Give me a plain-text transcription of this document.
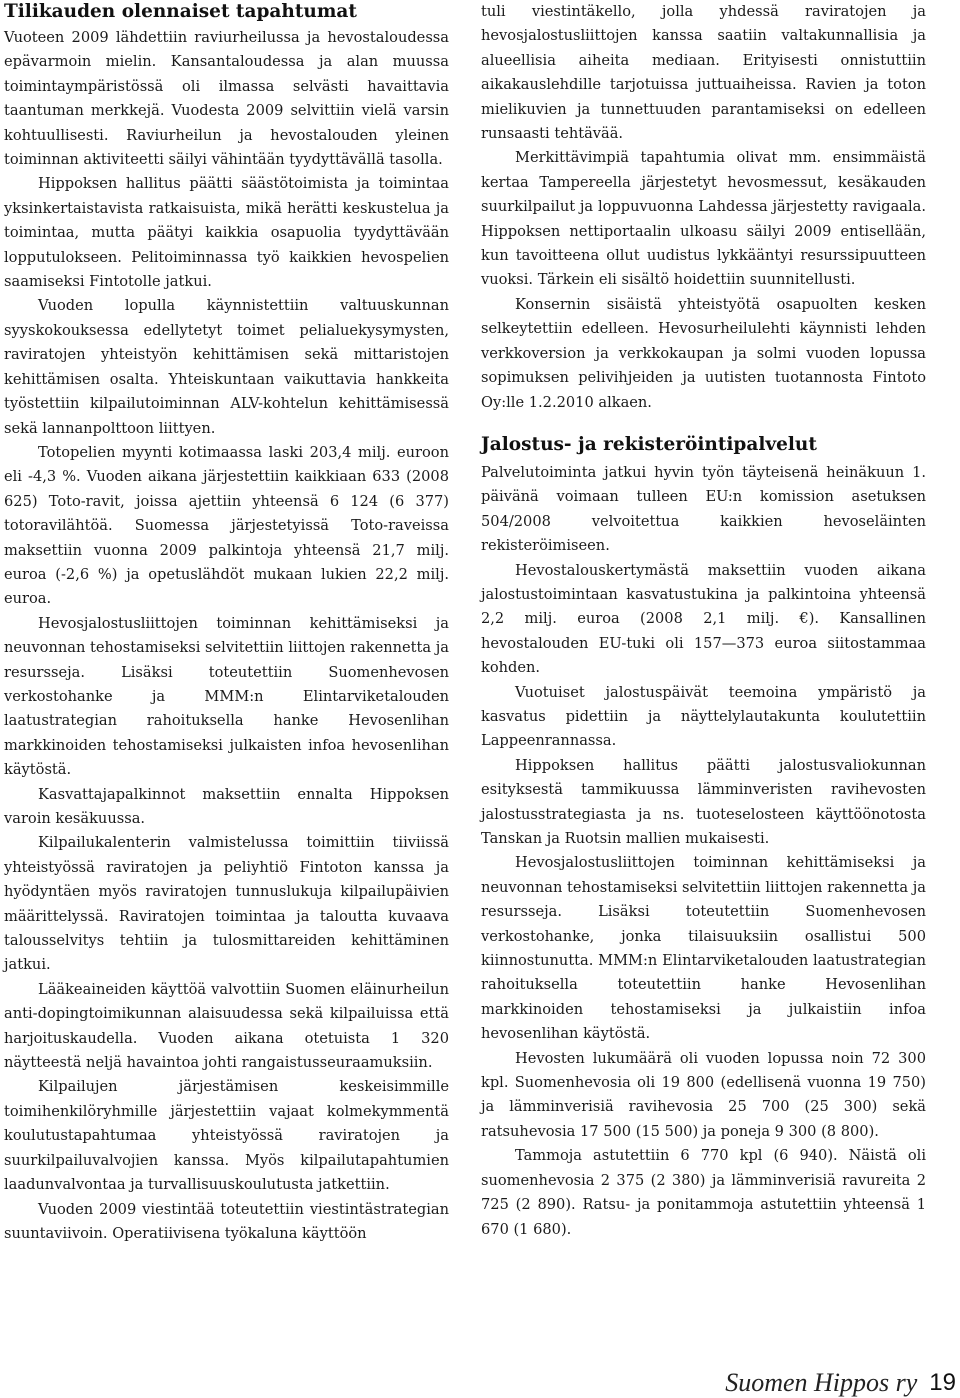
Tilikauden olennaiset tapahtumat

Vuoteen 2009 lähdettiin raviurheilussa ja hevostaloudessa epävarmoin mielin. Kansantaloudessa ja alan muussa toimintaympäristössä oli ilmassa selvästi havaittavia taantuman merkkejä. Vuodesta 2009 selvittiin vielä varsin kohtuullisesti. Raviurheilun ja hevostalouden yleinen toiminnan aktiviteetti säilyi vähintään tyydyttävällä tasolla.

Hippoksen hallitus päätti säästötoimista ja toimintaa yksinkertaistavista ratkaisuista, mikä herätti keskustelua ja toimintaa, mutta päätyi kaikkia osapuolia tyydyttävään lopputulokseen. Pelitoiminnassa työ kaikkien hevospelien saamiseksi Fintotolle jatkui.

Vuoden lopulla käynnistettiin valtuuskunnan syyskokouksessa edellytetyt toimet pelialuekysymysten, raviratojen yhteistyön kehittämisen sekä mittaristojen kehittämisen osalta. Yhteiskuntaan vaikuttavia hankkeita työstettiin kilpailutoiminnan ALV-kohtelun kehittämisessä sekä lannanpolttoon liittyen.

Totopelien myynti kotimaassa laski 203,4 milj. euroon eli -4,3 %. Vuoden aikana järjestettiin kaikkiaan 633 (2008 625) Toto-ravit, joissa ajettiin yhteensä 6 124 (6 377) totoravilähtöä. Suomessa järjestetyissä Toto-raveissa maksettiin vuonna 2009 palkintoja yhteensä 21,7 milj. euroa (-2,6 %) ja opetuslähdöt mukaan lukien 22,2 milj. euroa.

Hevosjalostusliittojen toiminnan kehittämiseksi ja neuvonnan tehostamiseksi selvitettiin liittojen rakennetta ja resursseja. Lisäksi toteutettiin Suomenhevosen verkostohanke ja MMM:n Elintarviketalouden laatustrategian rahoituksella hanke Hevosenlihan markkinoiden tehostamiseksi julkaisten infoa hevosenlihan käytöstä.

Kasvattajapalkinnot maksettiin ennalta Hippoksen varoin kesäkuussa.

Kilpailukalenterin valmistelussa toimittiin tiiviissä yhteistyössä raviratojen ja peliyhtiö Fintoton kanssa ja hyödyntäen myös raviratojen tunnuslukuja kilpailupäivien määrittelyssä. Raviratojen toimintaa ja taloutta kuvaava talousselvitys tehtiin ja tulosmittareiden kehittäminen jatkui.

Lääkeaineiden käyttöä valvottiin Suomen eläinurheilun anti-dopingtoimikunnan alaisuudessa sekä kilpailuissa että harjoituskaudella. Vuoden aikana otetuista 1 320 näytteestä neljä havaintoa johti rangaistusseuraamuksiin.

Kilpailujen järjestämisen keskeisimmille toimihenkilöryhmille järjestettiin vajaat kolmekymmentä koulutustapahtumaa yhteistyössä raviratojen ja suurkilpailuvalvojien kanssa. Myös kilpailutapahtumien laadunvalvontaa ja turvallisuuskoulutusta jatkettiin.

Vuoden 2009 viestintää toteutettiin viestintästrategian suuntaviivoin. Operatiivisena työkaluna käyttöön

tuli viestintäkello, jolla yhdessä raviratojen ja hevosjalostusliittojen kanssa saatiin valtakunnallisia ja alueellisia aiheita mediaan. Erityisesti onnistuttiin aikakauslehdille tarjotuissa juttuaiheissa. Ravien ja toton mielikuvien ja tunnettuuden parantamiseksi on edelleen runsaasti tehtävää.

Merkittävimpiä tapahtumia olivat mm. ensimmäistä kertaa Tampereella järjestetyt hevosmessut, kesäkauden suurkilpailut ja loppuvuonna Lahdessa järjestetty ravigaala. Hippoksen nettiportaalin ulkoasu säilyi 2009 entisellään, kun tavoitteena ollut uudistus lykkääntyi resurssipuutteen vuoksi. Tärkein eli sisältö hoidettiin suunnitellusti.

Konsernin sisäistä yhteistyötä osapuolten kesken selkeytettiin edelleen. Hevosurheilulehti käynnisti lehden verkkoversion ja verkkokaupan ja solmi vuoden lopussa sopimuksen pelivihjeiden ja uutisten tuotannosta Fintoto Oy:lle 1.2.2010 alkaen.

Jalostus- ja rekisteröintipalvelut

Palvelutoiminta jatkui hyvin työn täyteisenä heinäkuun 1. päivänä voimaan tulleen EU:n komission asetuksen 504/2008 velvoitettua kaikkien hevoseläinten rekisteröimiseen.

Hevostalouskertymästä maksettiin vuoden aikana jalostustoimintaan kasvatustukina ja palkintoina yhteensä 2,2 milj. euroa (2008 2,1 milj. €). Kansallinen hevostalouden EU-tuki oli 157—373 euroa siitostammaa kohden.

Vuotuiset jalostuspäivät teemoina ympäristö ja kasvatus pidettiin ja näyttelylautakunta koulutettiin Lappeenrannassa.

Hippoksen hallitus päätti jalostusvaliokunnan esityksestä tammikuussa lämminveristen ravihevosten jalostusstrategiasta ja ns. tuoteselosteen käyttöönotosta Tanskan ja Ruotsin mallien mukaisesti.

Hevosjalostusliittojen toiminnan kehittämiseksi ja neuvonnan tehostamiseksi selvitettiin liittojen rakennetta ja resursseja. Lisäksi toteutettiin Suomenhevosen verkostohanke, jonka tilaisuuksiin osallistui 500 kiinnostunutta. MMM:n Elintarviketalouden laatustrategian rahoituksella toteutettiin hanke Hevosenlihan markkinoiden tehostamiseksi ja julkaistiin infoa hevosenlihan käytöstä.

Hevosten lukumäärä oli vuoden lopussa noin 72 300 kpl. Suomenhevosia oli 19 800 (edellisenä vuonna 19 750) ja lämminverisiä ravihevosia 25 700 (25 300) sekä ratsuhevosia 17 500 (15 500) ja poneja 9 300 (8 800).

Tammoja astutettiin 6 770 kpl (6 940). Näistä oli suomenhevosia 2 375 (2 380) ja lämminverisiä ravureita 2 725 (2 890). Ratsu- ja ponitammoja astutettiin yhteensä 1 670 (1 680).

Suomen Hippos ry 19
